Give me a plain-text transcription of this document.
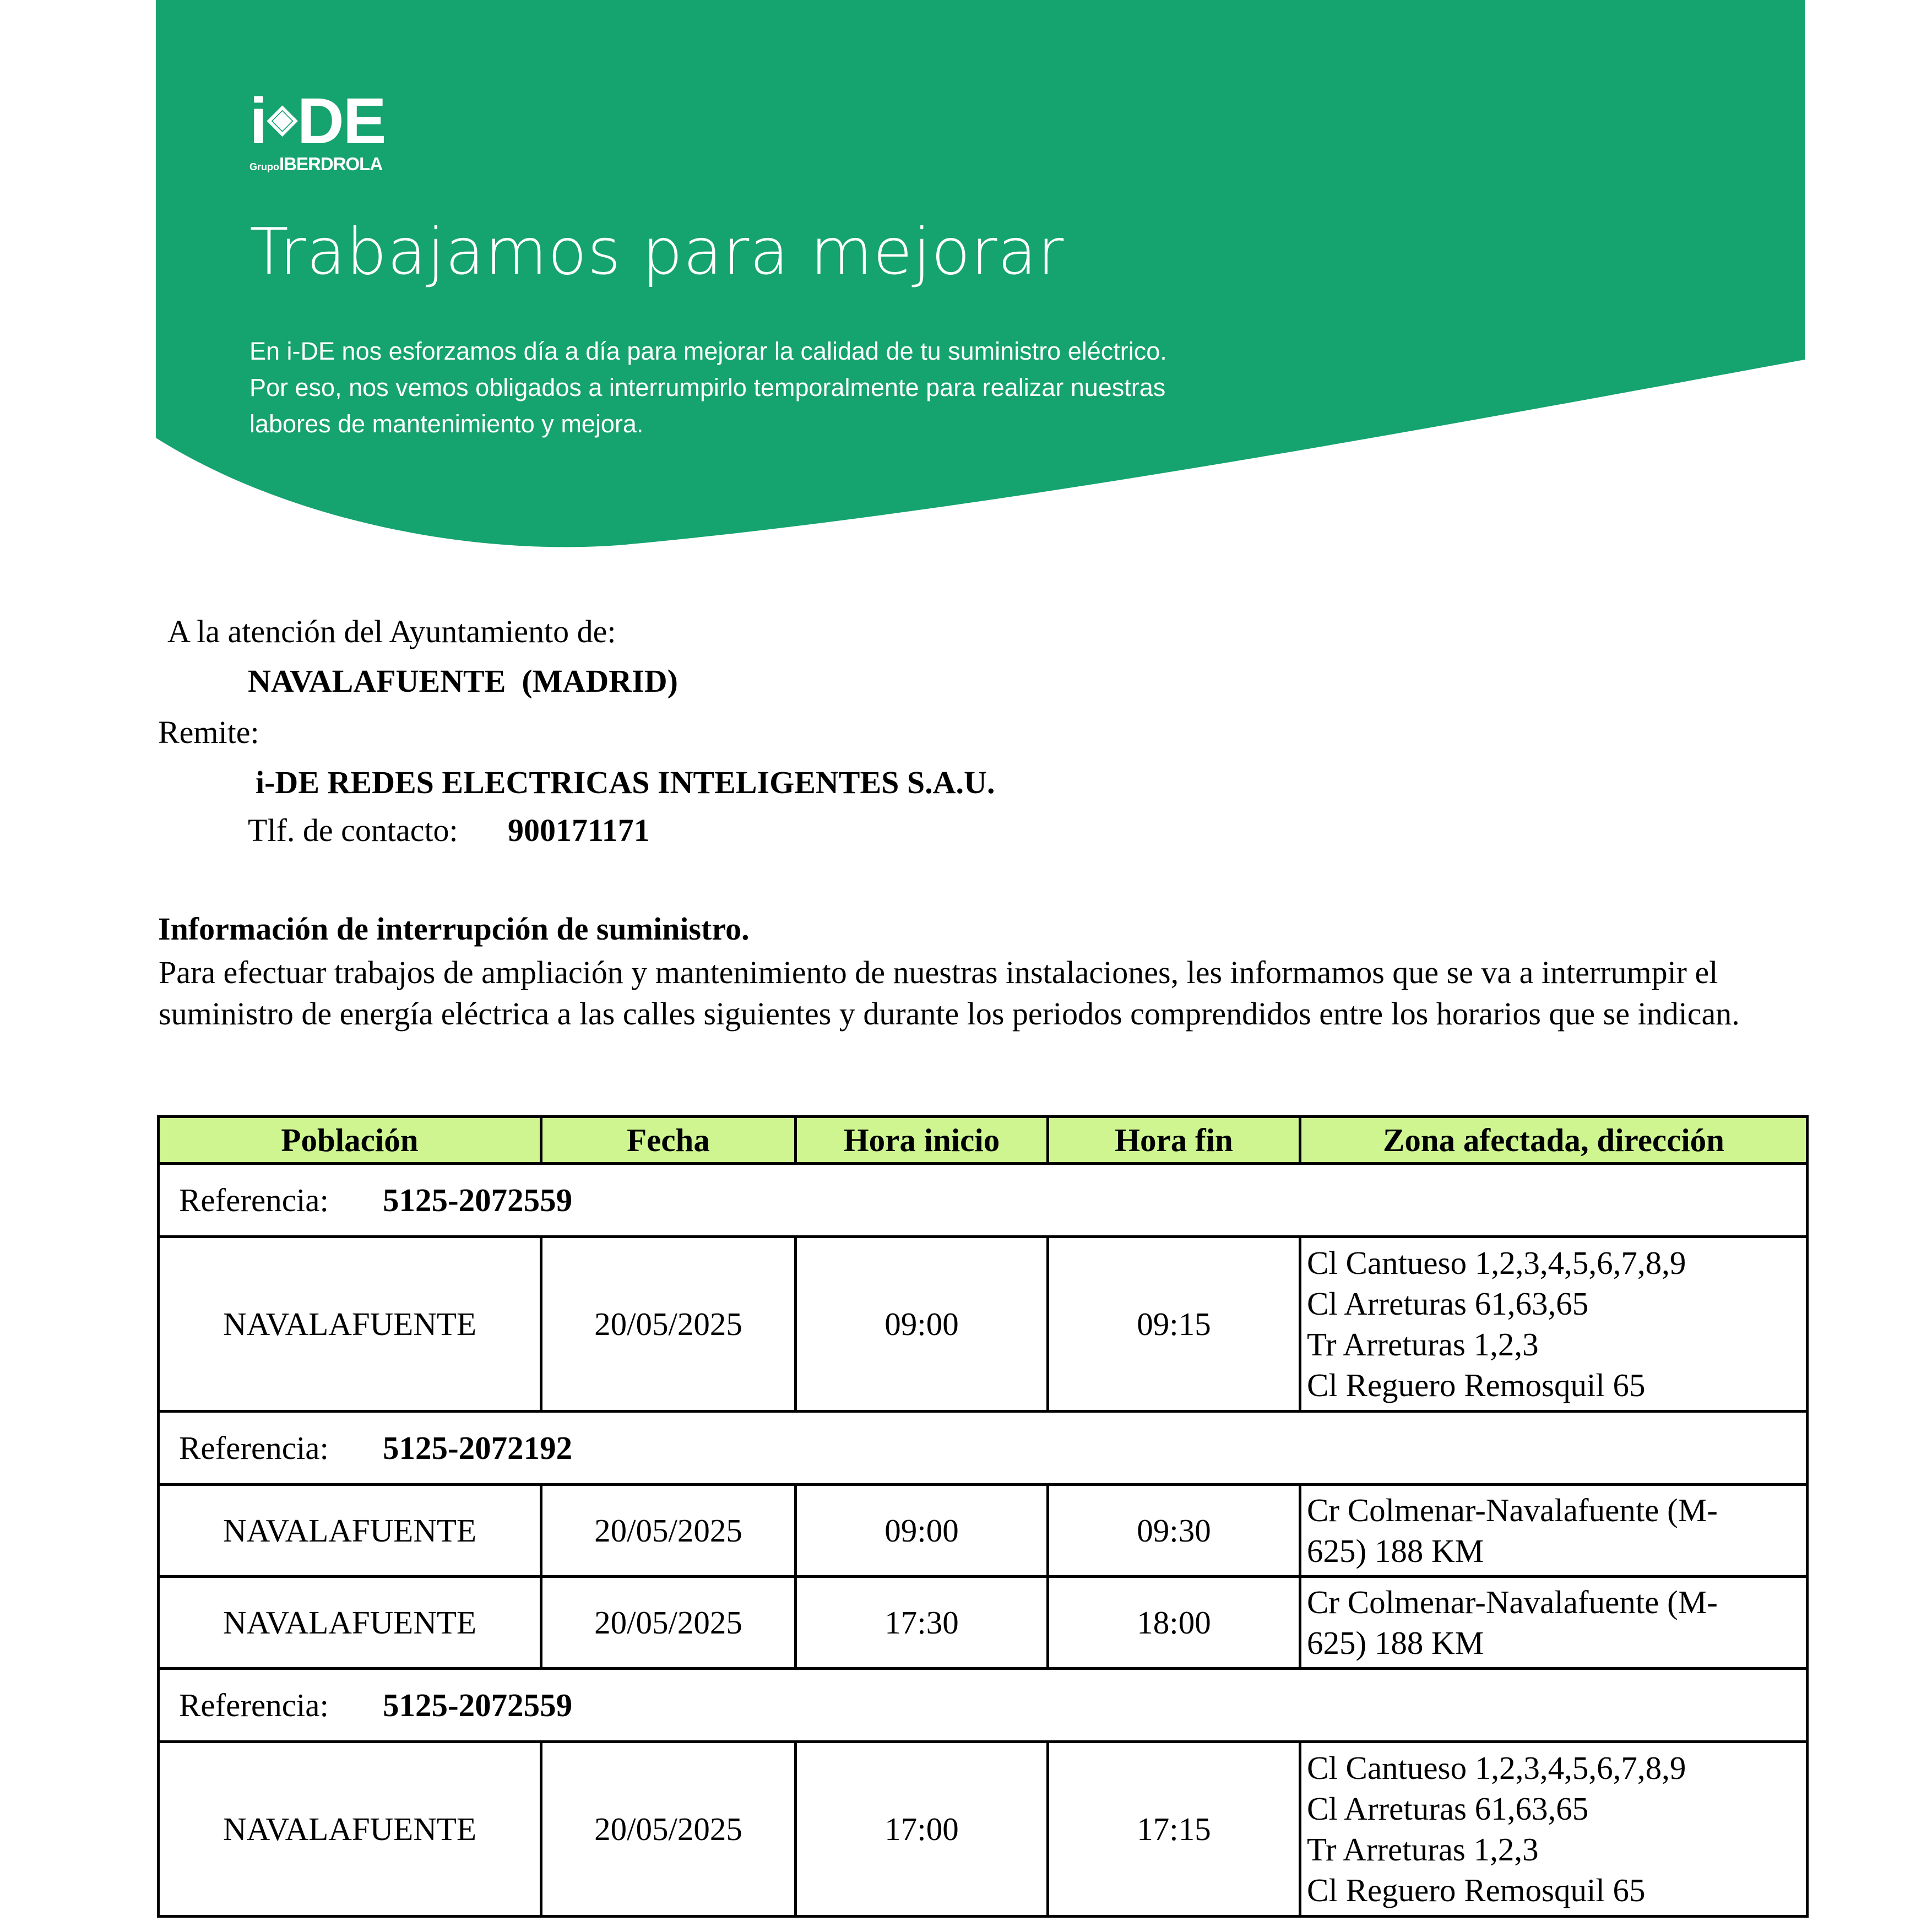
i◈DE
GrupoIBERDROLA
Trabajamos para mejorar
En i-DE nos esforzamos día a día para mejorar la calidad de tu suministro eléctrico. Por eso, nos vemos obligados a interrumpirlo temporalmente para realizar nuestras labores de mantenimiento y mejora.
A la atención del Ayuntamiento de:
NAVALAFUENTE  (MADRID)
Remite:
i-DE REDES ELECTRICAS INTELIGENTES S.A.U.
Tlf. de contacto: 900171171
Información de interrupción de suministro.
Para efectuar trabajos de ampliación y mantenimiento de nuestras instalaciones, les informamos que se va a interrumpir el suministro de energía eléctrica a las calles siguientes y durante los periodos comprendidos entre los horarios que se indican.
Población	Fecha	Hora inicio	Hora fin	Zona afectada, dirección
Referencia: 5125-2072559				
NAVALAFUENTE	20/05/2025	09:00	09:15	Cl Cantueso 1,2,3,4,5,6,7,8,9
Cl Arreturas 61,63,65
Tr Arreturas 1,2,3
Cl Reguero Remosquil 65

Referencia: 5125-2072192				
NAVALAFUENTE	20/05/2025	09:00	09:30	Cr Colmenar-Navalafuente (M-
625) 188 KM

NAVALAFUENTE	20/05/2025	17:30	18:00	Cr Colmenar-Navalafuente (M-
625) 188 KM

Referencia: 5125-2072559				
NAVALAFUENTE	20/05/2025	17:00	17:15	Cl Cantueso 1,2,3,4,5,6,7,8,9
Cl Arreturas 61,63,65
Tr Arreturas 1,2,3
Cl Reguero Remosquil 65
